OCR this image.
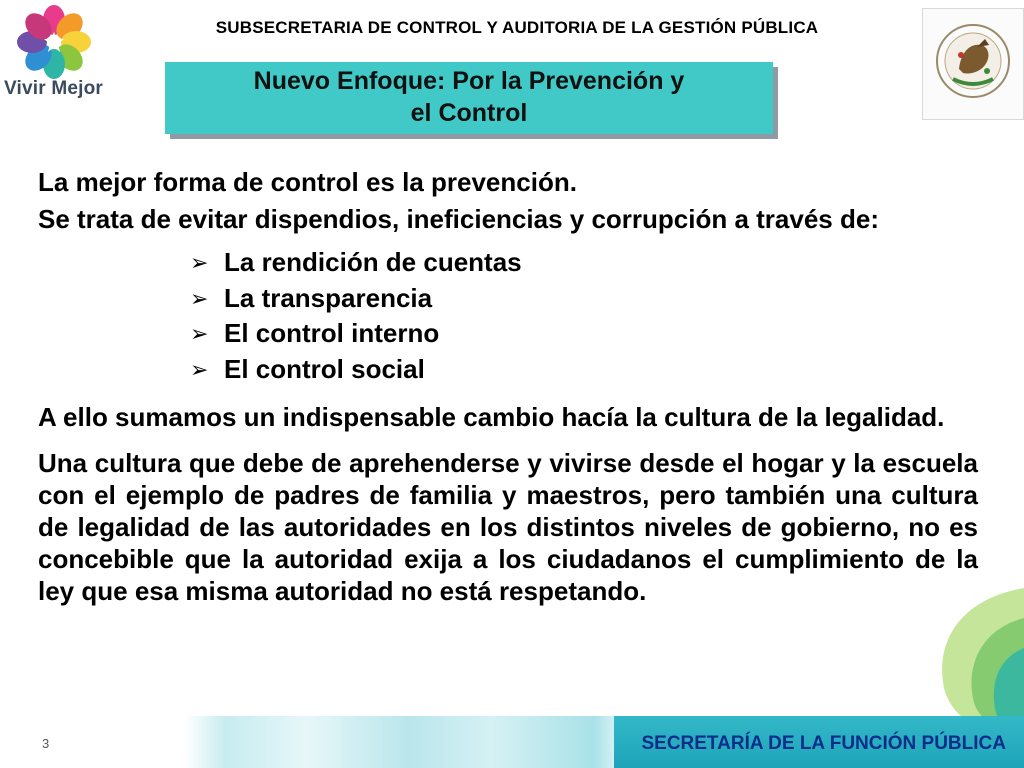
Vivir Mejor
SUBSECRETARIA DE CONTROL Y AUDITORIA DE LA GESTIÓN PÚBLICA
Nuevo Enfoque: Por la Prevención y
el Control

La mejor forma de control es la prevención.

Se trata de evitar dispendios, ineficiencias y corrupción a través de:

➢ La rendición de cuentas
➢ La transparencia
➢ El control interno
➢ El control social

A ello sumamos un indispensable cambio hacía la cultura de la legalidad.

Una cultura que debe de aprehenderse y vivirse desde el hogar y la escuela con el ejemplo de padres de familia y maestros, pero también una cultura de legalidad de las autoridades en los distintos niveles de gobierno, no es concebible que la autoridad exija a los ciudadanos el cumplimiento de la ley que esa misma autoridad no está respetando.

3	SECRETARÍA DE LA FUNCIÓN PÚBLICA
